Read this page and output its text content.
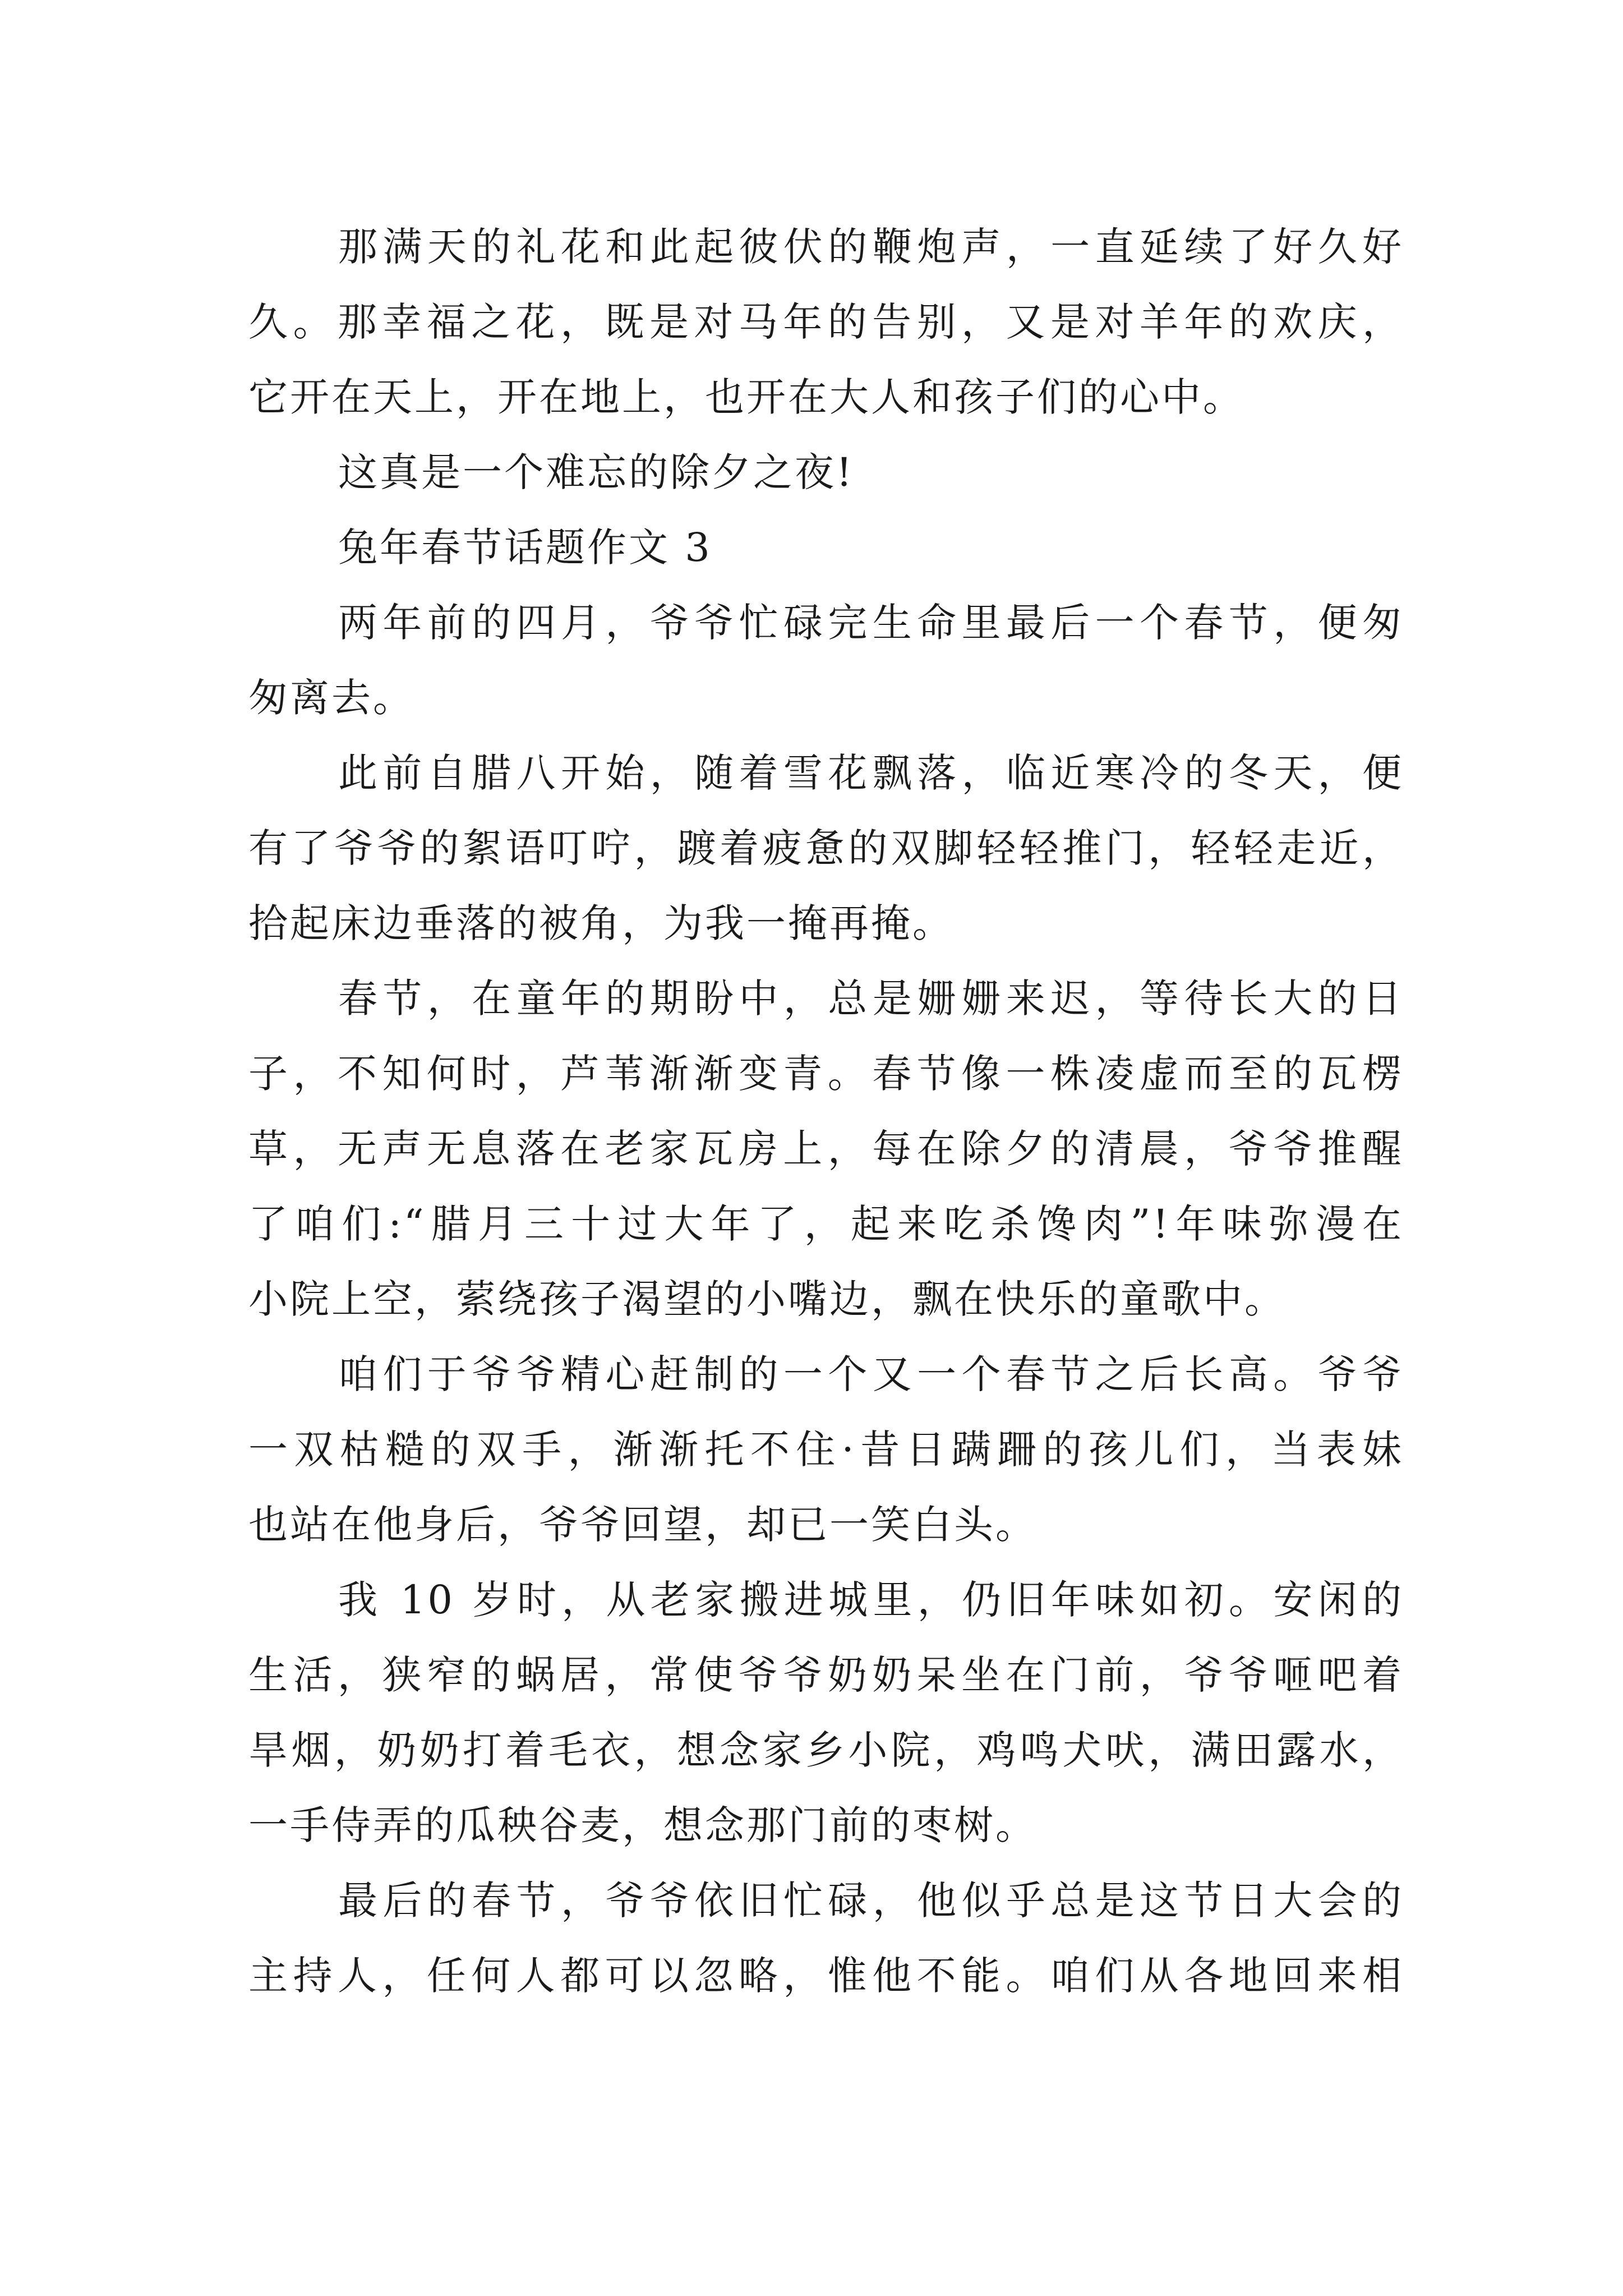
那满天的礼花和此起彼伏的鞭炮声，一直延续了好久好
久。那幸福之花，既是对马年的告别，又是对羊年的欢庆，
它开在天上，开在地上，也开在大人和孩子们的心中。
这真是一个难忘的除夕之夜!
兔年春节话题作文 3
两年前的四月，爷爷忙碌完生命里最后一个春节，便匆
匆离去。
此前自腊八开始，随着雪花飘落，临近寒冷的冬天，便
有了爷爷的絮语叮咛，踱着疲惫的双脚轻轻推门，轻轻走近，
拾起床边垂落的被角，为我一掩再掩。
春节，在童年的期盼中，总是姗姗来迟，等待长大的日
子，不知何时，芦苇渐渐变青。春节像一株凌虚而至的瓦楞
草，无声无息落在老家瓦房上，每在除夕的清晨，爷爷推醒
了咱们:“腊月三十过大年了，起来吃杀馋肉”!年味弥漫在
小院上空，萦绕孩子渴望的小嘴边，飘在快乐的童歌中。
咱们于爷爷精心赶制的一个又一个春节之后长高。爷爷
一双枯糙的双手，渐渐托不住·昔日蹒跚的孩儿们，当表妹
也站在他身后，爷爷回望，却已一笑白头。
我 10 岁时，从老家搬进城里，仍旧年味如初。安闲的
生活，狭窄的蜗居，常使爷爷奶奶呆坐在门前，爷爷咂吧着
旱烟，奶奶打着毛衣，想念家乡小院，鸡鸣犬吠，满田露水，
一手侍弄的瓜秧谷麦，想念那门前的枣树。
最后的春节，爷爷依旧忙碌，他似乎总是这节日大会的
主持人，任何人都可以忽略，惟他不能。咱们从各地回来相
